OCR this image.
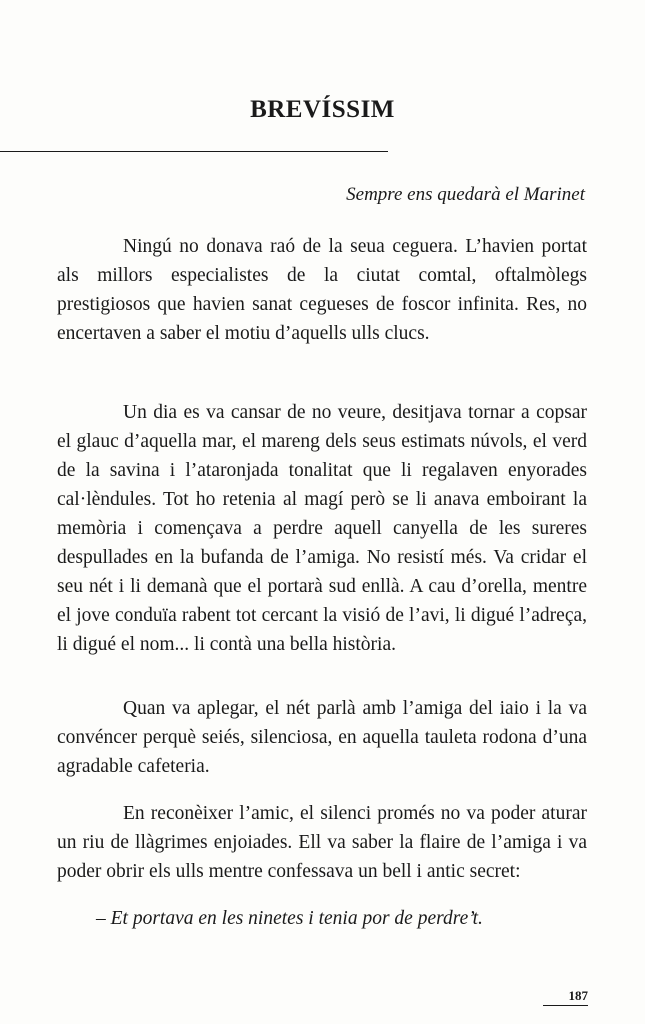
BREVÍSSIM
Sempre ens quedarà el Marinet

Ningú no donava raó de la seua ceguera. L’havien portat als millors especialistes de la ciutat comtal, oftalmòlegs prestigiosos que havien sanat cegueses de foscor infinita. Res, no encertaven a saber el motiu d’aquells ulls clucs.

Un dia es va cansar de no veure, desitjava tornar a copsar el glauc d’aquella mar, el mareng dels seus estimats núvols, el verd de la savina i l’ataronjada tonalitat que li regalaven enyorades cal·lèndules. Tot ho retenia al magí però se li anava emboirant la memòria i començava a perdre aquell canyella de les sureres despullades en la bufanda de l’amiga. No resistí més. Va cridar el seu nét i li demanà que el portarà sud enllà. A cau d’orella, mentre el jove conduïa rabent tot cercant la visió de l’avi, li digué l’adreça, li digué el nom... li contà una bella història.

Quan va aplegar, el nét parlà amb l’amiga del iaio i la va convéncer perquè seiés, silenciosa, en aquella tauleta rodona d’una agradable cafeteria.

En reconèixer l’amic, el silenci promés no va poder aturar un riu de llàgrimes enjoiades. Ell va saber la flaire de l’amiga i va poder obrir els ulls mentre confessava un bell i antic secret:

– Et portava en les ninetes i tenia por de perdre’t.
187
